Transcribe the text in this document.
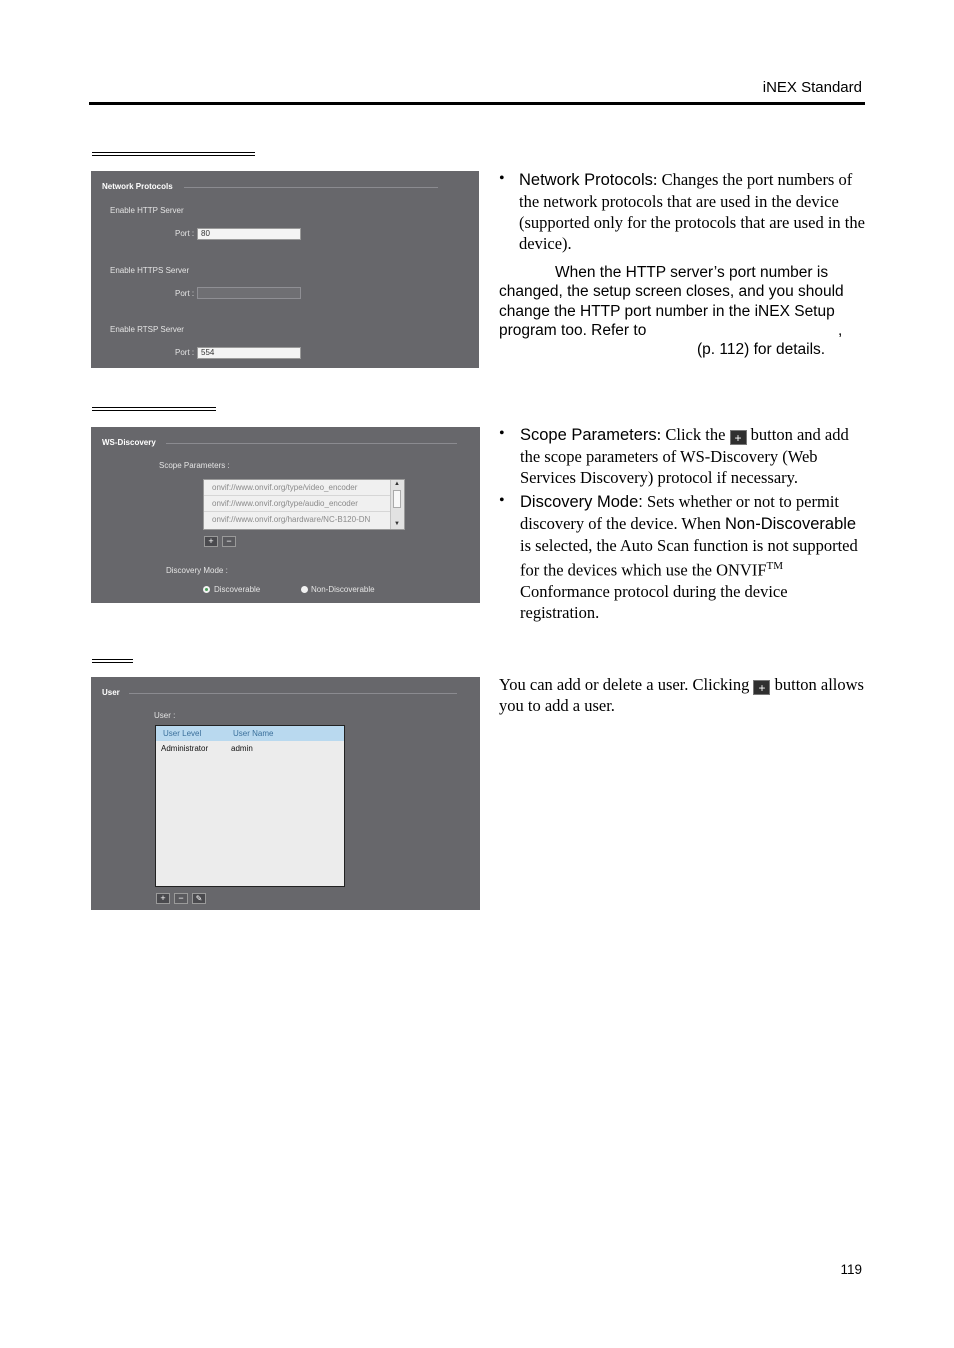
iNEX Standard
Network Protocols
Enable HTTP Server
Port : 80
Enable HTTPS Server
Port :
Enable RTSP Server
Port : 554
• Network Protocols: Changes the port numbers of the network protocols that are used in the device (supported only for the protocols that are used in the device).
When the HTTP server’s port number is changed, the setup screen closes, and you should change the HTTP port number in the iNEX Setup program too. Refer to	,
(p. 112) for details.
WS-Discovery
Scope Parameters :
onvif://www.onvif.org/type/video_encoder
onvif://www.onvif.org/type/audio_encoder
onvif://www.onvif.org/hardware/NC-B120-DN
▲
▼
+	−
Discovery Mode :
Discoverable	Non-Discoverable
• Scope Parameters: Click the + button and add the scope parameters of WS-Discovery (Web Services Discovery) protocol if necessary.
• Discovery Mode: Sets whether or not to permit discovery of the device. When Non-Discoverable is selected, the Auto Scan function is not supported for the devices which use the ONVIF™ Conformance protocol during the device registration.
User
User :
User Level	User Name
Administrator	admin
+	−	✎
You can add or delete a user. Clicking + button allows you to add a user.
119
